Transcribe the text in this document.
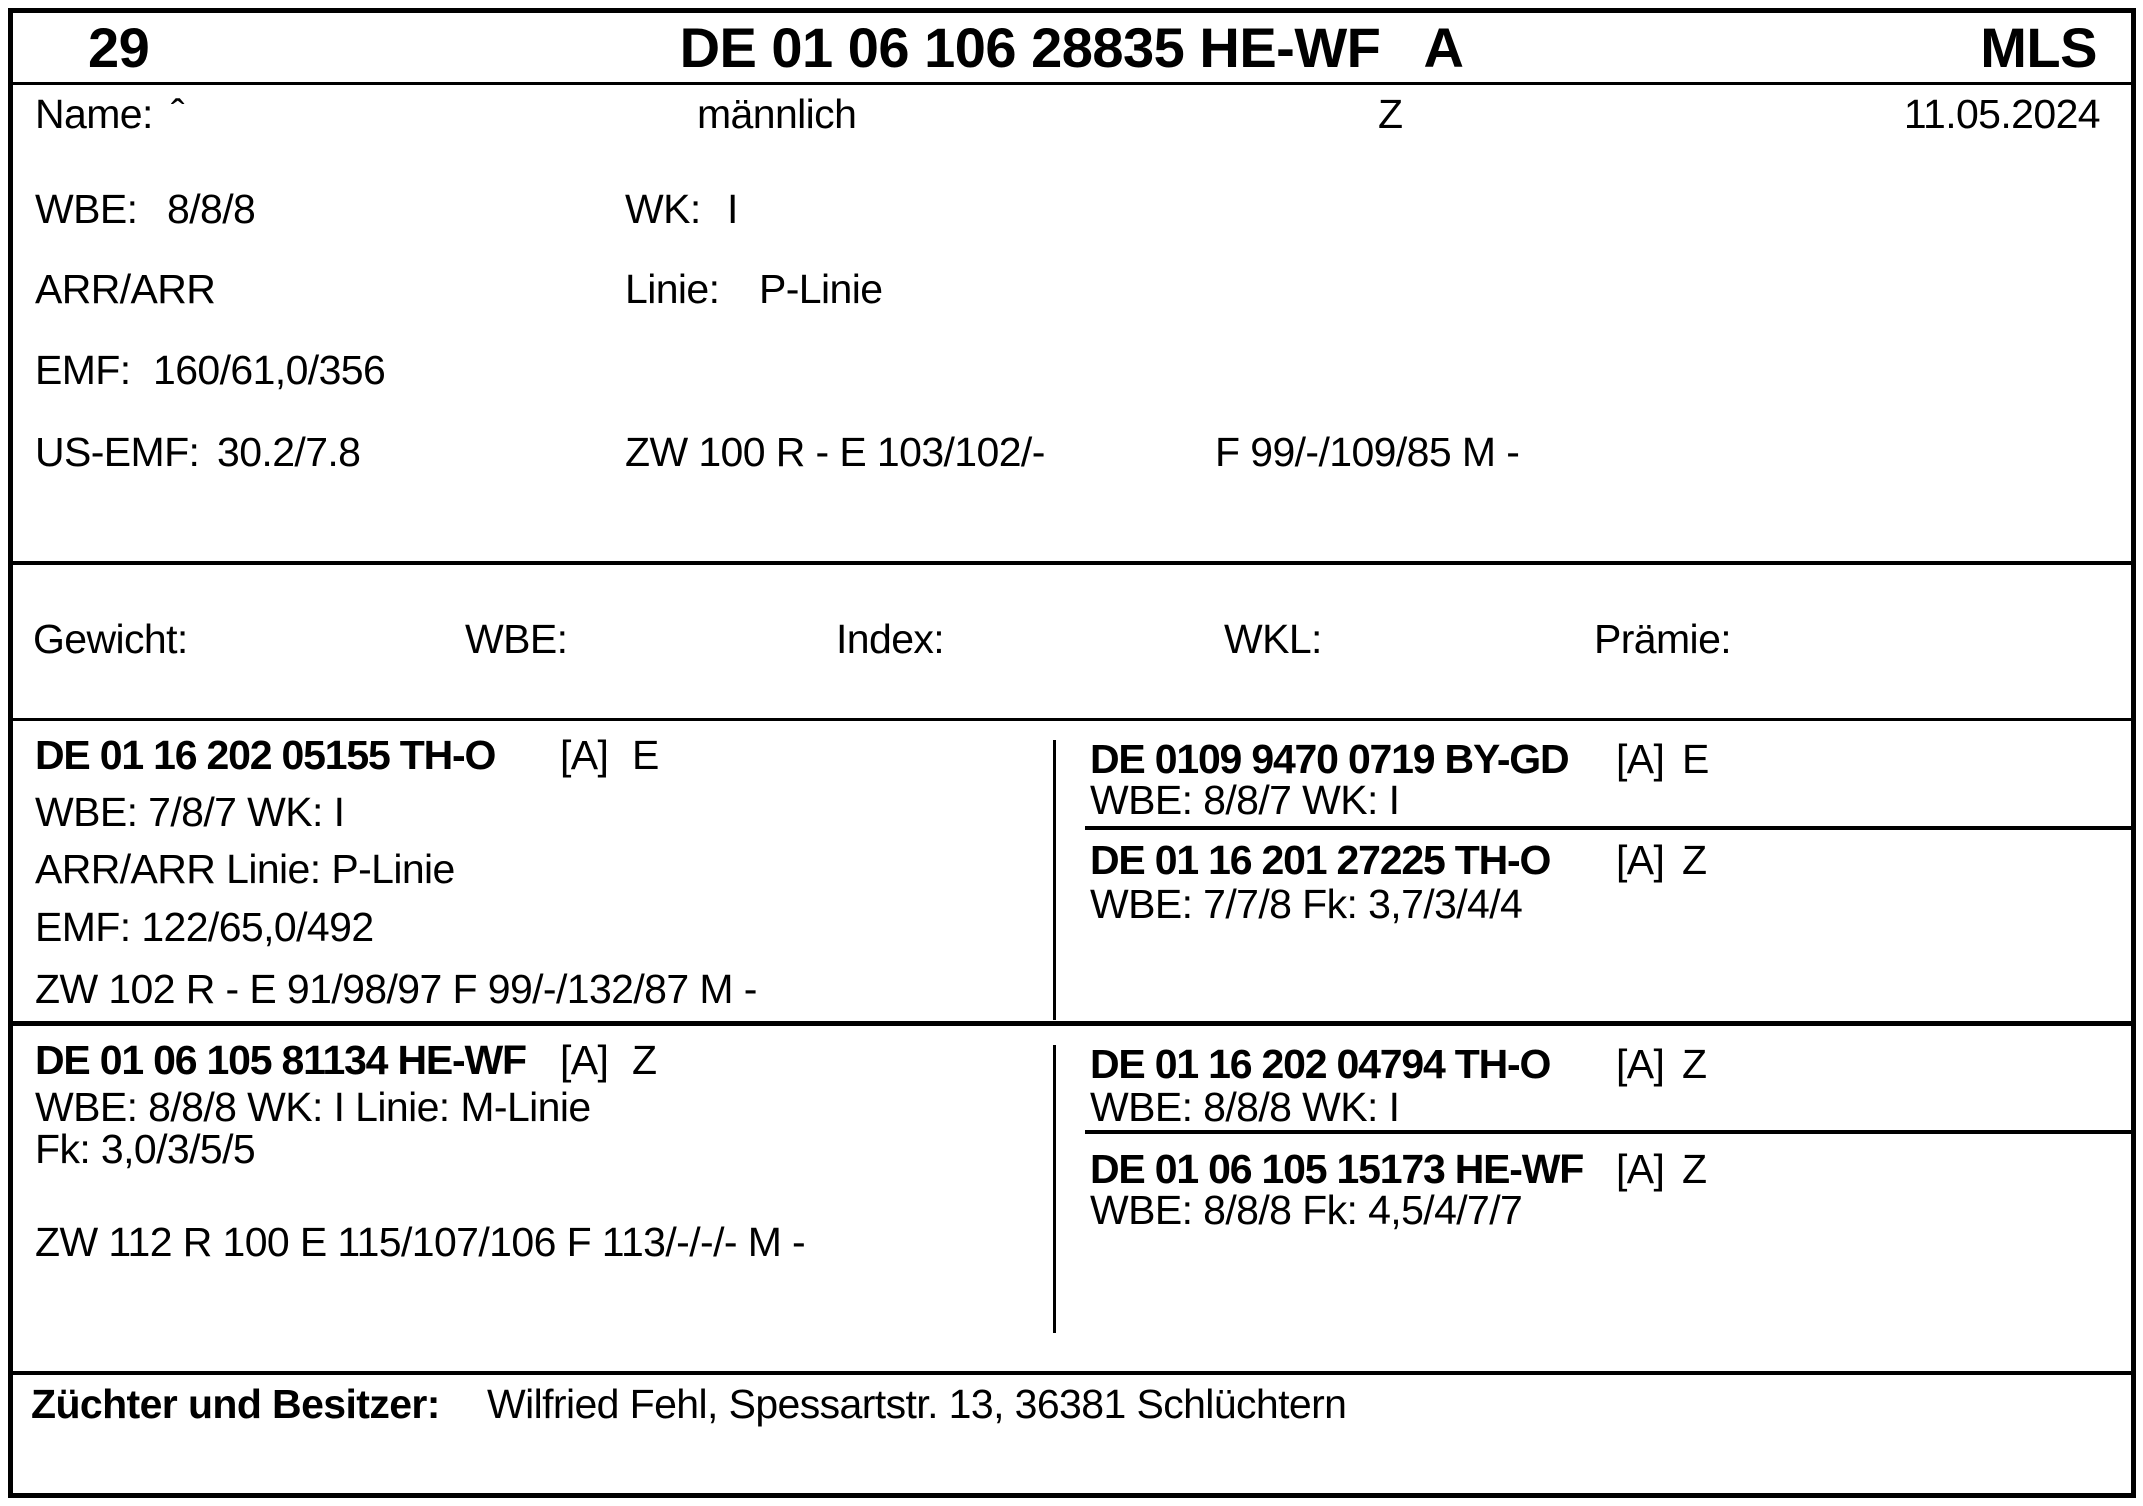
29	DE 01 06 106 28835 HE-WF   A	MLS
Name: ˆ	männlich	Z	11.05.2024
WBE: 8/8/8	WK: I
ARR/ARR	Linie: P-Linie
EMF: 160/61,0/356
US-EMF: 30.2/7.8	ZW 100 R - E 103/102/-	F 99/-/109/85 M -
Gewicht:	WBE:	Index:	WKL:	Prämie:
DE 01 16 202 05155 TH-O [A] E
WBE: 7/8/7 WK: I
ARR/ARR Linie: P-Linie
EMF: 122/65,0/492
ZW 102 R - E 91/98/97 F 99/-/132/87 M -
DE 0109 9470 0719 BY-GD [A] E
WBE: 8/8/7 WK: I
DE 01 16 201 27225 TH-O [A] Z
WBE: 7/7/8 Fk: 3,7/3/4/4
DE 01 06 105 81134 HE-WF [A] Z
WBE: 8/8/8 WK: I Linie: M-Linie
Fk: 3,0/3/5/5
ZW 112 R 100 E 115/107/106 F 113/-/-/- M -
DE 01 16 202 04794 TH-O [A] Z
WBE: 8/8/8 WK: I
DE 01 06 105 15173 HE-WF [A] Z
WBE: 8/8/8 Fk: 4,5/4/7/7
Züchter und Besitzer: Wilfried Fehl, Spessartstr. 13, 36381 Schlüchtern
